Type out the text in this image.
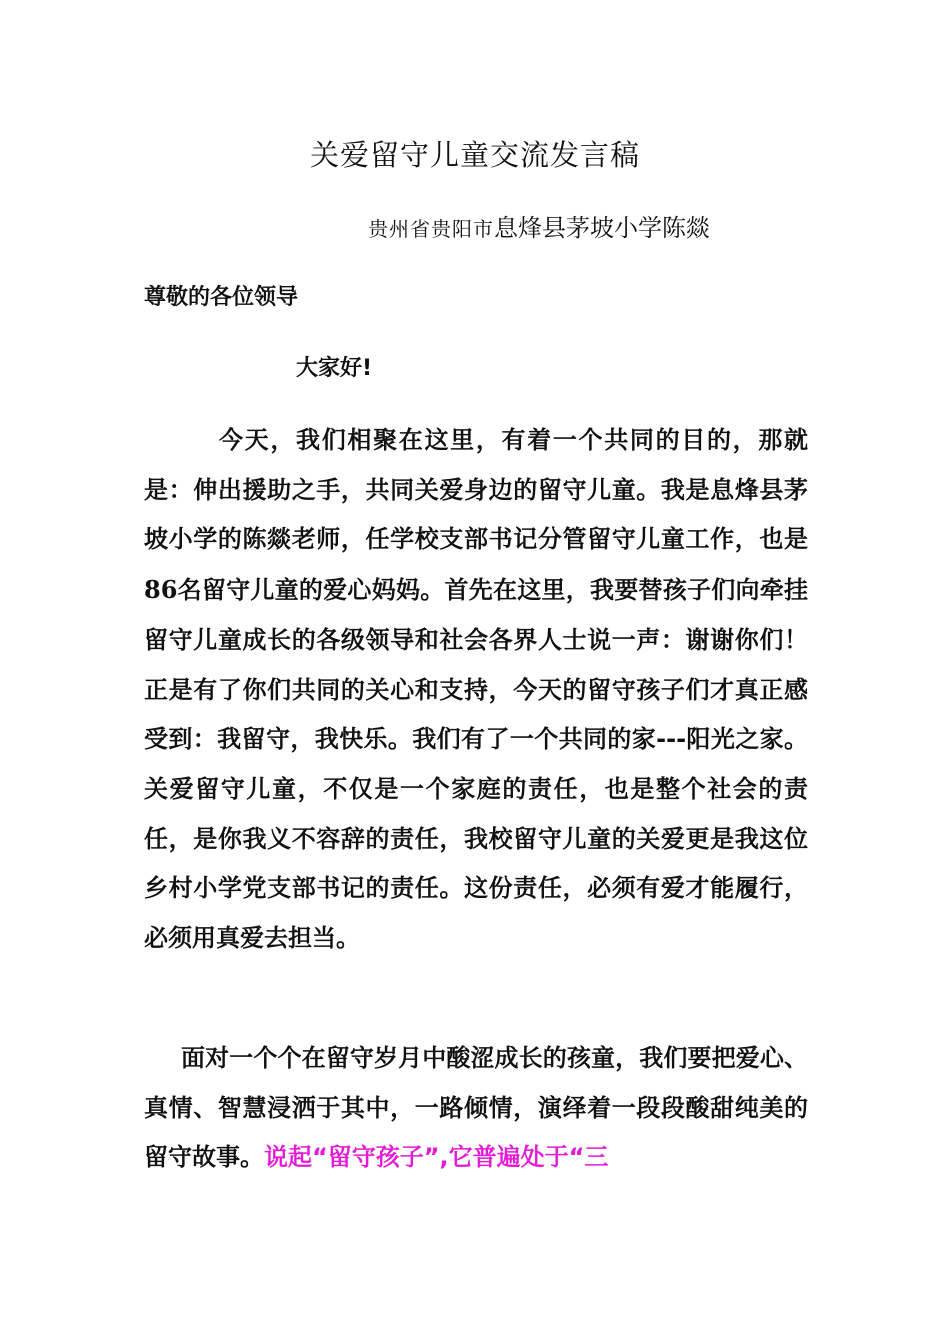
关爱留守儿童交流发言稿
贵州省贵阳市息烽县茅坡小学陈燚

尊敬的各位领导

大家好!

今天，我们相聚在这里，有着一个共同的目的，那就是：伸出援助之手，共同关爱身边的留守儿童。我是息烽县茅坡小学的陈燚老师，任学校支部书记分管留守儿童工作，也是86名留守儿童的爱心妈妈。首先在这里，我要替孩子们向牵挂留守儿童成长的各级领导和社会各界人士说一声：谢谢你们！正是有了你们共同的关心和支持，今天的留守孩子们才真正感受到：我留守，我快乐。我们有了一个共同的家---阳光之家。关爱留守儿童，不仅是一个家庭的责任，也是整个社会的责任，是你我义不容辞的责任，我校留守儿童的关爱更是我这位乡村小学党支部书记的责任。这份责任，必须有爱才能履行，必须用真爱去担当。

面对一个个在留守岁月中酸涩成长的孩童，我们要把爱心、真情、智慧浸洒于其中，一路倾情，演绎着一段段酸甜纯美的留守故事。说起“留守孩子”,它普遍处于“三
